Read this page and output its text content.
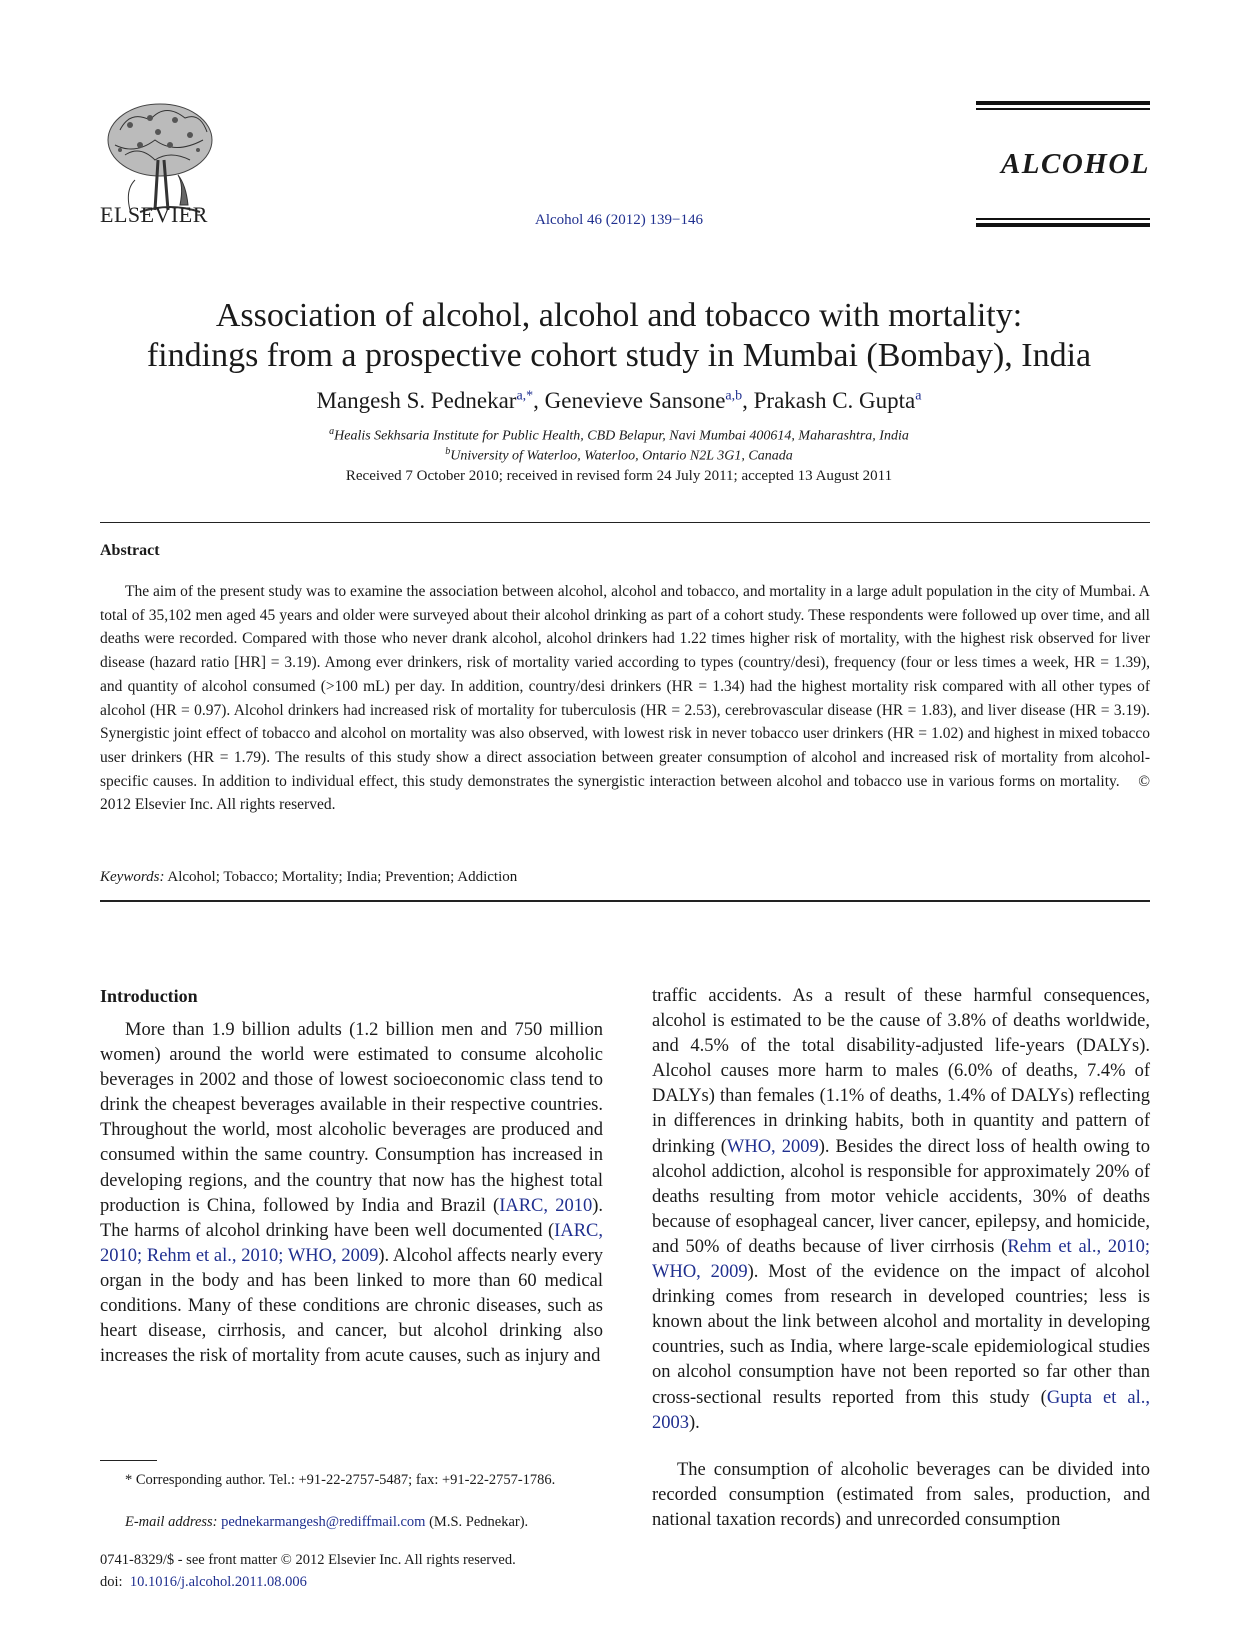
ELSEVIER	Alcohol 46 (2012) 139−146
ALCOHOL
Association of alcohol, alcohol and tobacco with mortality:
findings from a prospective cohort study in Mumbai (Bombay), India
Mangesh S. Pednekar$^{a,*}$, Genevieve Sansone$^{a,b}$, Prakash C. Gupta$^a$
$^a$Healis Sekhsaria Institute for Public Health, CBD Belapur, Navi Mumbai 400614, Maharashtra, India
$^b$University of Waterloo, Waterloo, Ontario N2L 3G1, Canada
Received 7 October 2010; received in revised form 24 July 2011; accepted 13 August 2011
Abstract
The aim of the present study was to examine the association between alcohol, alcohol and tobacco, and mortality in a large adult population in the city of Mumbai. A total of 35,102 men aged 45 years and older were surveyed about their alcohol drinking as part of a cohort study. These respondents were followed up over time, and all deaths were recorded. Compared with those who never drank alcohol, alcohol drinkers had 1.22 times higher risk of mortality, with the highest risk observed for liver disease (hazard ratio [HR] = 3.19). Among ever drinkers, risk of mortality varied according to types (country/desi), frequency (four or less times a week, HR = 1.39), and quantity of alcohol consumed (>100 mL) per day. In addition, country/desi drinkers (HR = 1.34) had the highest mortality risk compared with all other types of alcohol (HR = 0.97). Alcohol drinkers had increased risk of mortality for tuberculosis (HR = 2.53), cerebrovascular disease (HR = 1.83), and liver disease (HR = 3.19). Synergistic joint effect of tobacco and alcohol on mortality was also observed, with lowest risk in never tobacco user drinkers (HR = 1.02) and highest in mixed tobacco user drinkers (HR = 1.79). The results of this study show a direct association between greater consumption of alcohol and increased risk of mortality from alcohol-specific causes. In addition to individual effect, this study demonstrates the synergistic interaction between alcohol and tobacco use in various forms on mortality. © 2012 Elsevier Inc. All rights reserved.
Keywords: Alcohol; Tobacco; Mortality; India; Prevention; Addiction
Introduction
More than 1.9 billion adults (1.2 billion men and 750 million women) around the world were estimated to consume alcoholic beverages in 2002 and those of lowest socioeconomic class tend to drink the cheapest beverages available in their respective countries. Throughout the world, most alcoholic beverages are produced and consumed within the same country. Consumption has increased in developing regions, and the country that now has the highest total production is China, followed by India and Brazil (IARC, 2010). The harms of alcohol drinking have been well documented (IARC, 2010; Rehm et al., 2010; WHO, 2009). Alcohol affects nearly every organ in the body and has been linked to more than 60 medical conditions. Many of these conditions are chronic diseases, such as heart disease, cirrhosis, and cancer, but alcohol drinking also increases the risk of mortality from acute causes, such as injury and
traffic accidents. As a result of these harmful consequences, alcohol is estimated to be the cause of 3.8% of deaths worldwide, and 4.5% of the total disability-adjusted life-years (DALYs). Alcohol causes more harm to males (6.0% of deaths, 7.4% of DALYs) than females (1.1% of deaths, 1.4% of DALYs) reflecting in differences in drinking habits, both in quantity and pattern of drinking (WHO, 2009). Besides the direct loss of health owing to alcohol addiction, alcohol is responsible for approximately 20% of deaths resulting from motor vehicle accidents, 30% of deaths because of esophageal cancer, liver cancer, epilepsy, and homicide, and 50% of deaths because of liver cirrhosis (Rehm et al., 2010; WHO, 2009). Most of the evidence on the impact of alcohol drinking comes from research in developed countries; less is known about the link between alcohol and mortality in developing countries, such as India, where large-scale epidemiological studies on alcohol consumption have not been reported so far other than cross-sectional results reported from this study (Gupta et al., 2003).
The consumption of alcoholic beverages can be divided into recorded consumption (estimated from sales, production, and national taxation records) and unrecorded consumption
* Corresponding author. Tel.: +91-22-2757-5487; fax: +91-22-2757-1786.
E-mail address: pednekarmangesh@rediffmail.com (M.S. Pednekar).
0741-8329/$ - see front matter © 2012 Elsevier Inc. All rights reserved.
doi: 10.1016/j.alcohol.2011.08.006
